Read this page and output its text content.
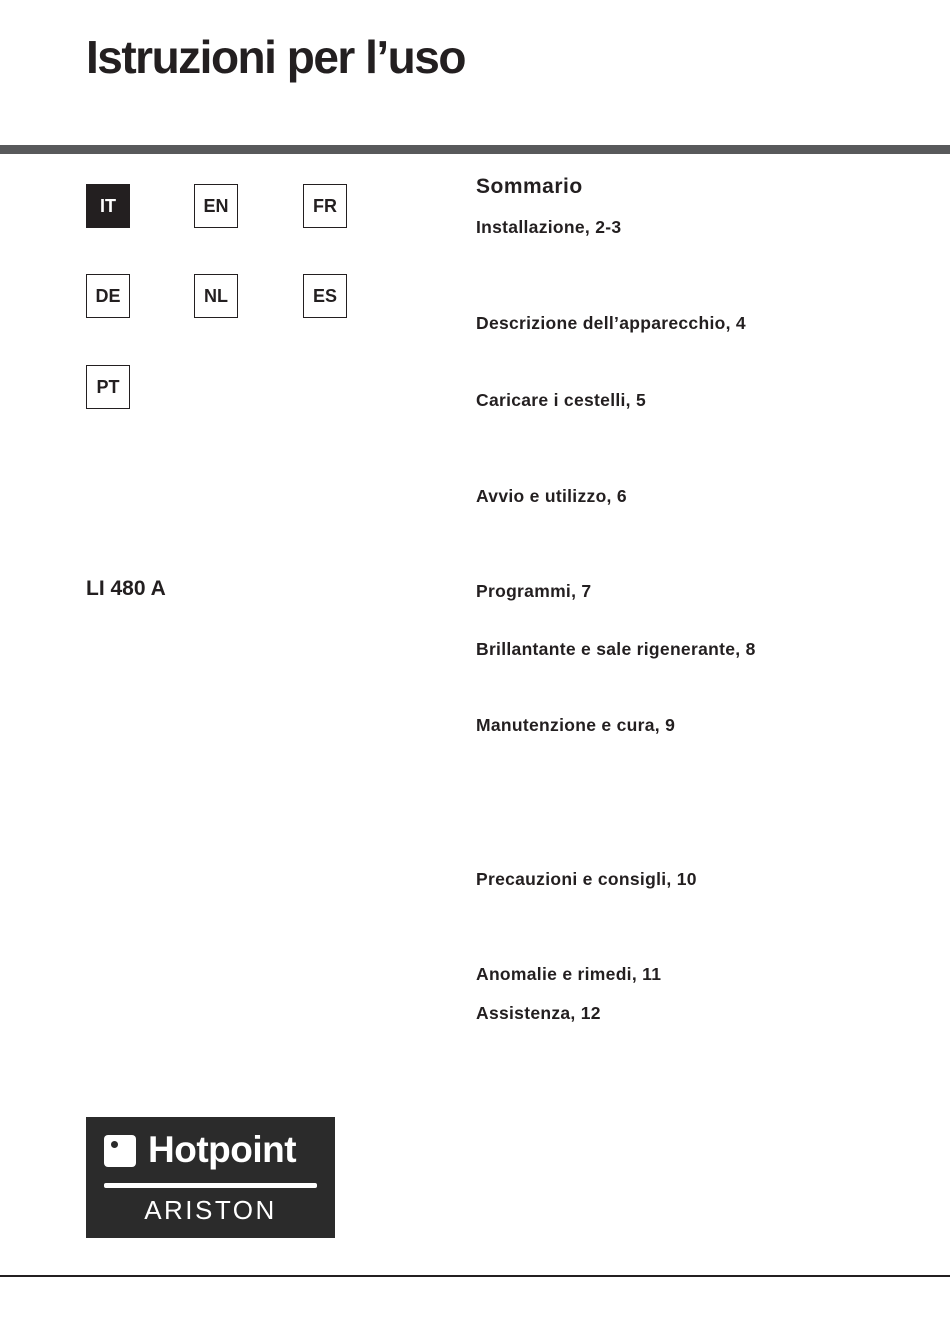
Istruzioni per l’uso
IT	EN	FR
DE	NL	ES
PT
LI 480 A
Sommario
Installazione, 2-3
Descrizione dell’apparecchio, 4
Caricare i cestelli, 5
Avvio e utilizzo, 6
Programmi, 7
Brillantante e sale rigenerante, 8
Manutenzione e cura, 9
Precauzioni e consigli, 10
Anomalie e rimedi, 11
Assistenza, 12
Hotpoint
ARISTON
